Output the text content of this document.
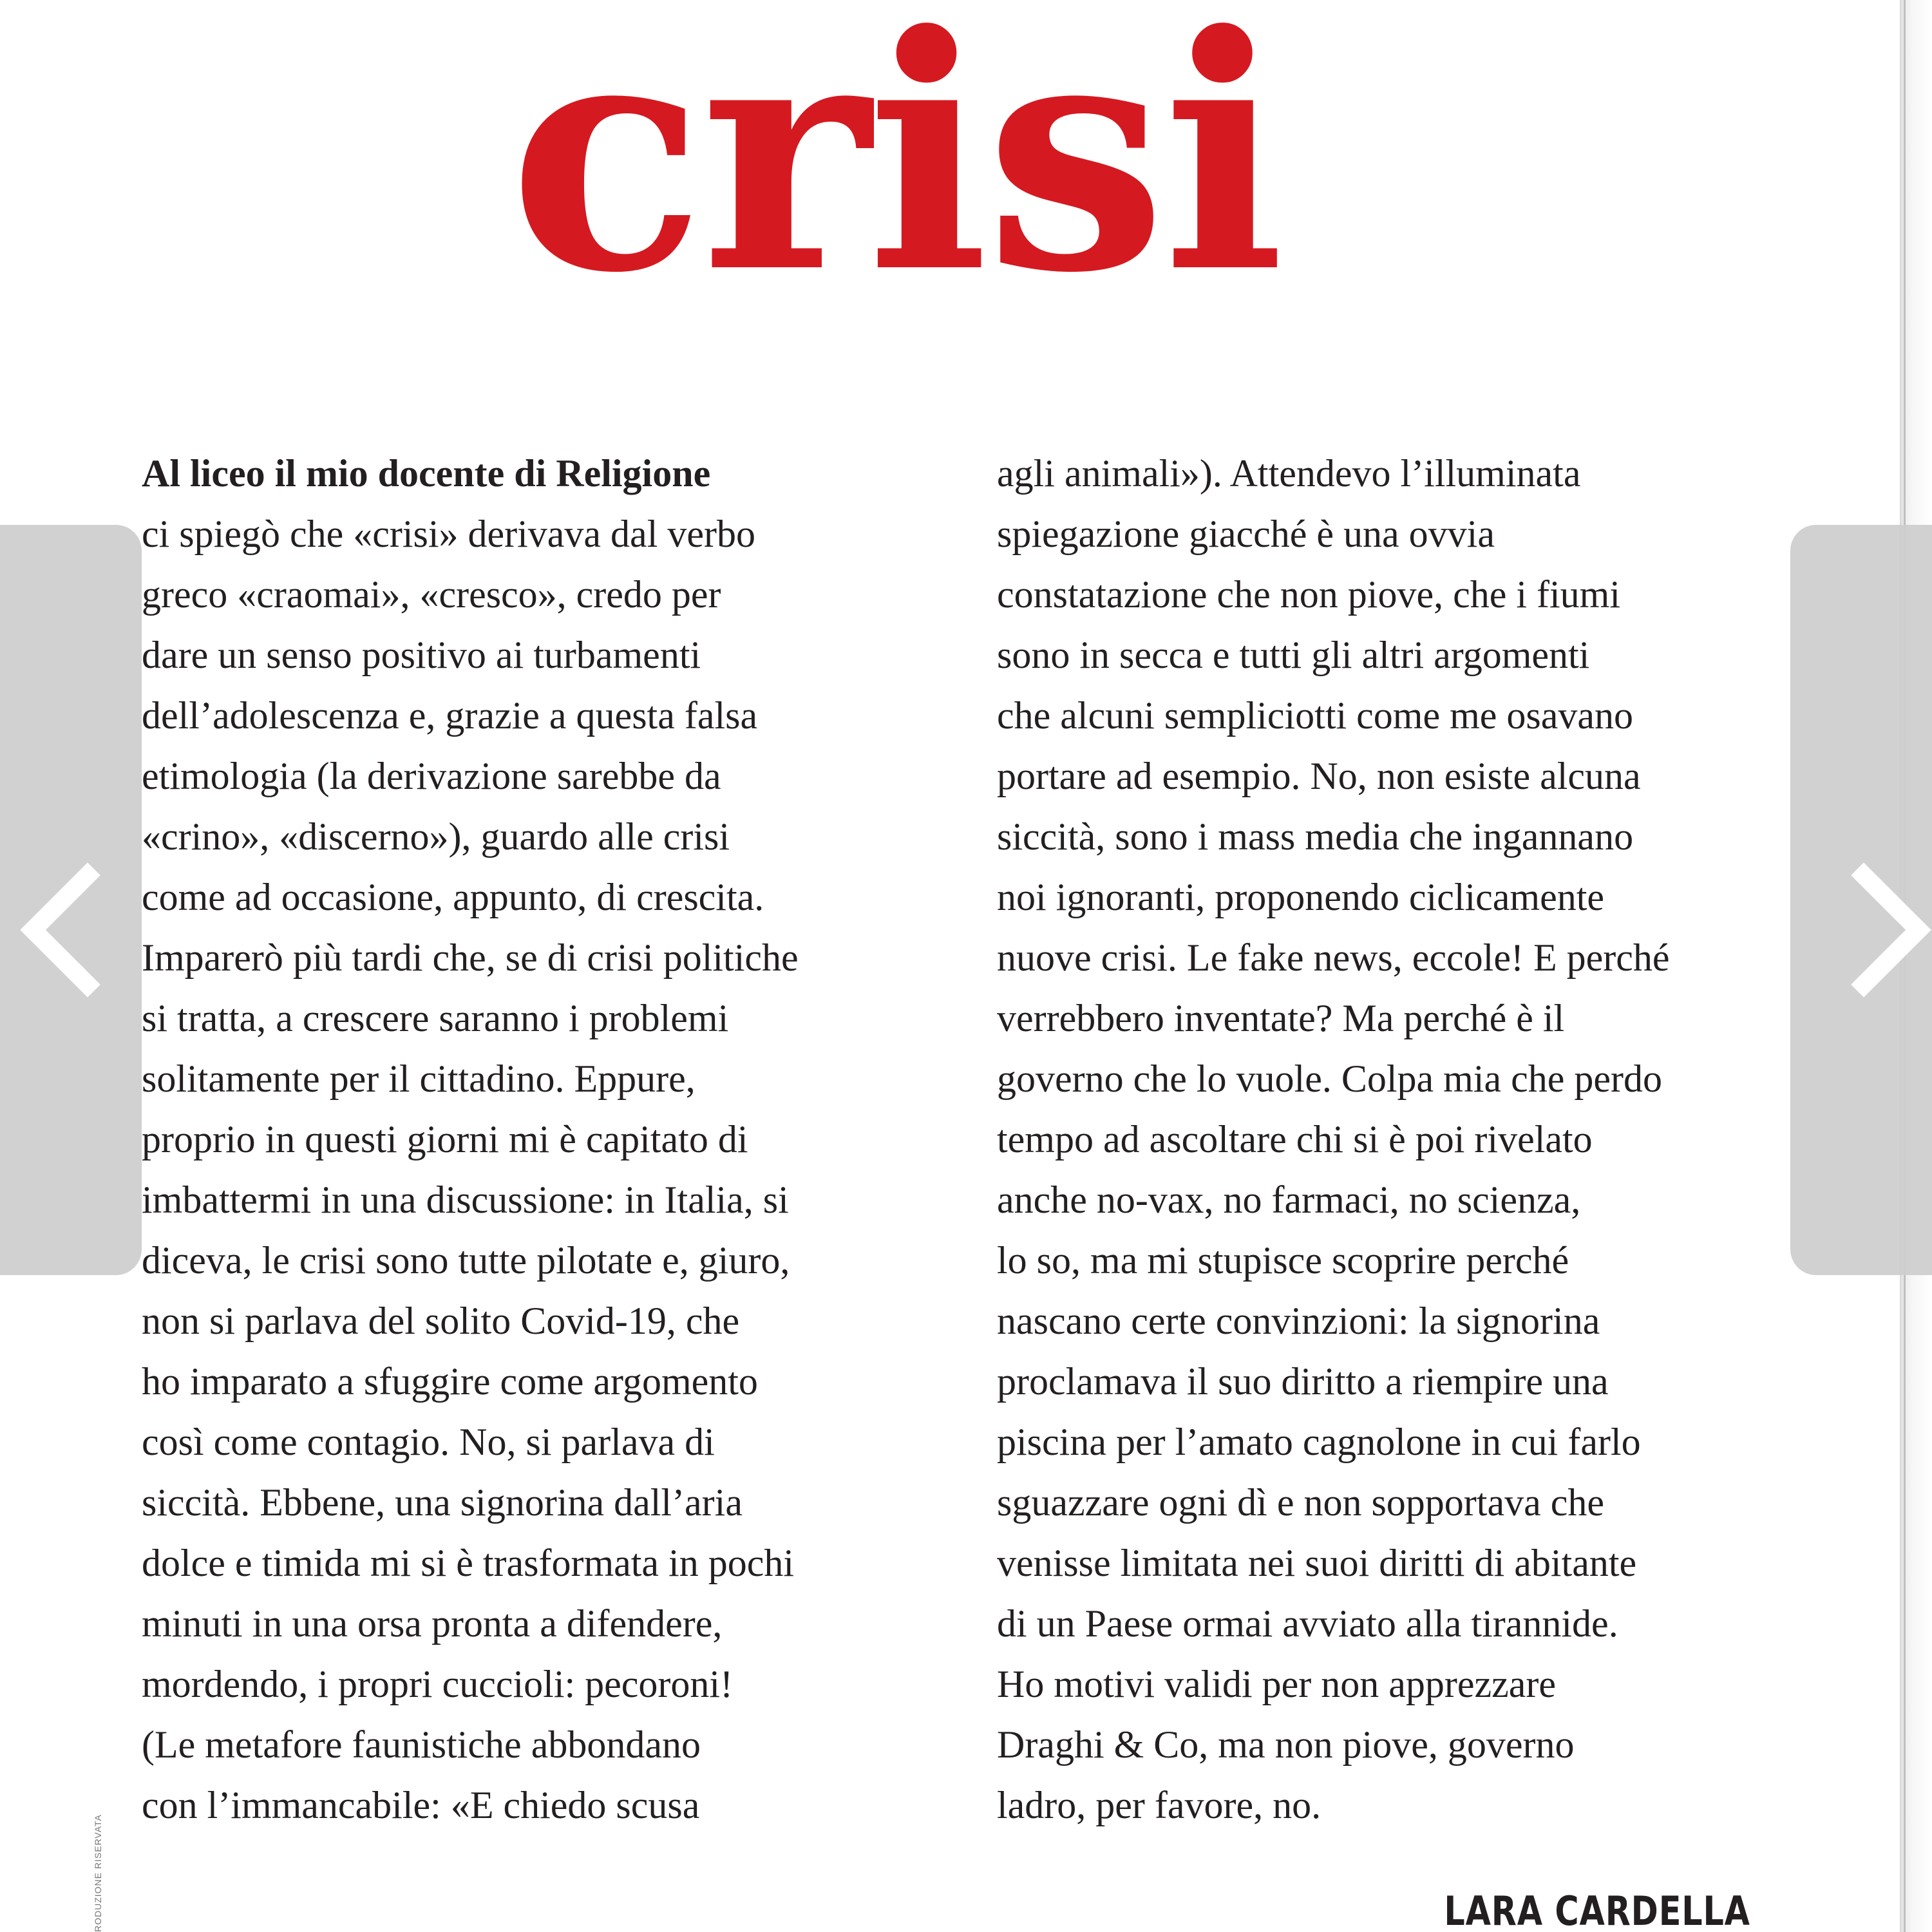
crisi
Al liceo il mio docente di Religione
ci spiegò che «crisi» derivava dal verbo
greco «craomai», «cresco», credo per
dare un senso positivo ai turbamenti
dell’adolescenza e, grazie a questa falsa
etimologia (la derivazione sarebbe da
«crino», «discerno»), guardo alle crisi
come ad occasione, appunto, di crescita.
Imparerò più tardi che, se di crisi politiche
si tratta, a crescere saranno i problemi
solitamente per il cittadino. Eppure,
proprio in questi giorni mi è capitato di
imbattermi in una discussione: in Italia, si
diceva, le crisi sono tutte pilotate e, giuro,
non si parlava del solito Covid-19, che
ho imparato a sfuggire come argomento
così come contagio. No, si parlava di
siccità. Ebbene, una signorina dall’aria
dolce e timida mi si è trasformata in pochi
minuti in una orsa pronta a difendere,
mordendo, i propri cuccioli: pecoroni!
(Le metafore faunistiche abbondano
con l’immancabile: «E chiedo scusa
agli animali»). Attendevo l’illuminata
spiegazione giacché è una ovvia
constatazione che non piove, che i fiumi
sono in secca e tutti gli altri argomenti
che alcuni sempliciotti come me osavano
portare ad esempio. No, non esiste alcuna
siccità, sono i mass media che ingannano
noi ignoranti, proponendo ciclicamente
nuove crisi. Le fake news, eccole! E perché
verrebbero inventate? Ma perché è il
governo che lo vuole. Colpa mia che perdo
tempo ad ascoltare chi si è poi rivelato
anche no-vax, no farmaci, no scienza,
lo so, ma mi stupisce scoprire perché
nascano certe convinzioni: la signorina
proclamava il suo diritto a riempire una
piscina per l’amato cagnolone in cui farlo
sguazzare ogni dì e non sopportava che
venisse limitata nei suoi diritti di abitante
di un Paese ormai avviato alla tirannide.
Ho motivi validi per non apprezzare
Draghi & Co, ma non piove, governo
ladro, per favore, no.
RODUZIONE RISERVATA	LARA CARDELLA
